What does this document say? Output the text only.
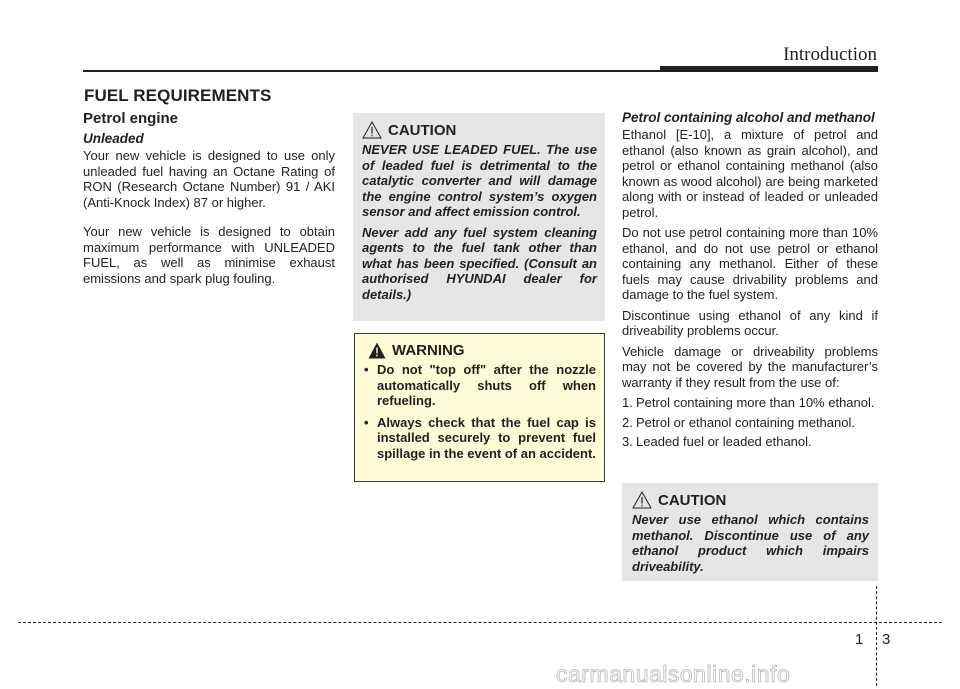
Introduction
FUEL REQUIREMENTS
Petrol engine
Unleaded

Your new vehicle is designed to use only unleaded fuel having an Octane Rating of RON (Research Octane Number) 91 / AKI (Anti-Knock Index) 87 or higher.

Your new vehicle is designed to obtain maximum performance with UNLEADED FUEL, as well as minimise exhaust emissions and spark plug fouling.

CAUTION

NEVER USE LEADED FUEL. The use of leaded fuel is detrimental to the catalytic converter and will damage the engine control system’s oxygen sensor and affect emission control.

Never add any fuel system cleaning agents to the fuel tank other than what has been specified. (Consult an authorised HYUNDAI dealer for details.)

WARNING
• Do not "top off" after the nozzle automatically shuts off when refueling.
• Always check that the fuel cap is installed securely to prevent fuel spillage in the event of an accident.
Petrol containing alcohol and methanol

Ethanol [E-10], a mixture of petrol and ethanol (also known as grain alcohol), and petrol or ethanol containing methanol (also known as wood alcohol) are being marketed along with or instead of leaded or unleaded petrol.

Do not use petrol containing more than 10% ethanol, and do not use petrol or ethanol containing any methanol. Either of these fuels may cause drivability problems and damage to the fuel system.

Discontinue using ethanol of any kind if driveability problems occur.

Vehicle damage or driveability problems may not be covered by the manufacturer’s warranty if they result from the use of:

1. Petrol containing more than 10% ethanol.
2. Petrol or ethanol containing methanol.
3. Leaded fuel or leaded ethanol.
CAUTION

Never use ethanol which contains methanol. Discontinue use of any ethanol product which impairs driveability.

1 3
carmanualsonline.info
